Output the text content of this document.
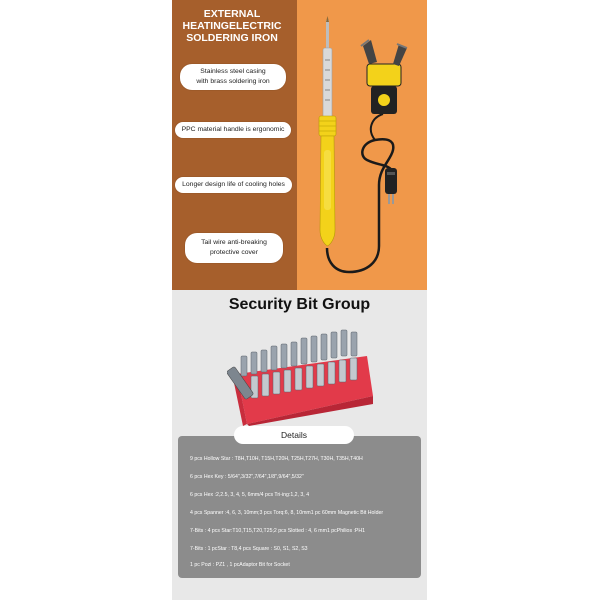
EXTERNAL
HEATINGELECTRIC
SOLDERING IRON
Stainless steel casing
with brass soldering iron
PPC material handle is ergonomic
Longer design life of cooling holes
Tail wire anti-breaking
protective cover
Security Bit Group
9 pcs Hollow Star : T8H,T10H, T15H,T20H, T25H,T27H, T30H, T35H,T40H
6 pcs Hex Key : 5/64",3/32",7/64",1/8",9/64",5/32"
6 pcs Hex :2,2.5, 3, 4, 5, 6mm/4 pcs Tri-ing:1,2, 3, 4
4 pcs Spanner :4, 6, 3, 10mm;3 pcs Torq:6, 8, 10mm1 pc 60mm Magnetic Bit Holder
7-Bits : 4 pcs Star:T10,T15,T20,T25;2 pcs Slotted : 4, 6 mm1 pcPhilios :PH1
7-Bits : 1 pcStar : T8,4 pcs Square : S0, S1, S2, S3
1 pc Pozi : PZ1 , 1 pcAdaptor Bit for Socket
Details
